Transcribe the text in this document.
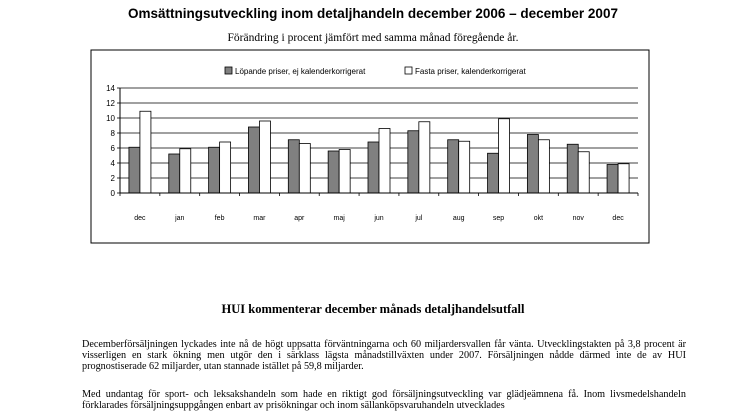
Omsättningsutveckling inom detaljhandeln december 2006 – december 2007
Förändring i procent jämfört med samma månad föregående år.
Löpande priser, ej kalenderkorrigerat	Fasta priser, kalenderkorrigerat
dec	jan	feb	mar	apr	maj	jun	jul	aug	sep	okt	nov	dec
0
2
4
6
8
10
12
14
HUI kommenterar december månads detaljhandelsutfall

Decemberförsäljningen lyckades inte nå de högt uppsatta förväntningarna och 60 miljardersvallen får vänta. Utvecklingstakten på 3,8 procent är visserligen en stark ökning men utgör den i särklass lägsta månadstillväxten under 2007. Försäljningen nådde därmed inte de av HUI prognostiserade 62 miljarder, utan stannade istället på 59,8 miljarder.

Med undantag för sport- och leksakshandeln som hade en riktigt god försäljningsutveckling var glädjeämnena få. Inom livsmedelshandeln förklarades försäljningsuppgången enbart av prisökningar och inom sällanköpsvaruhandeln utvecklades
